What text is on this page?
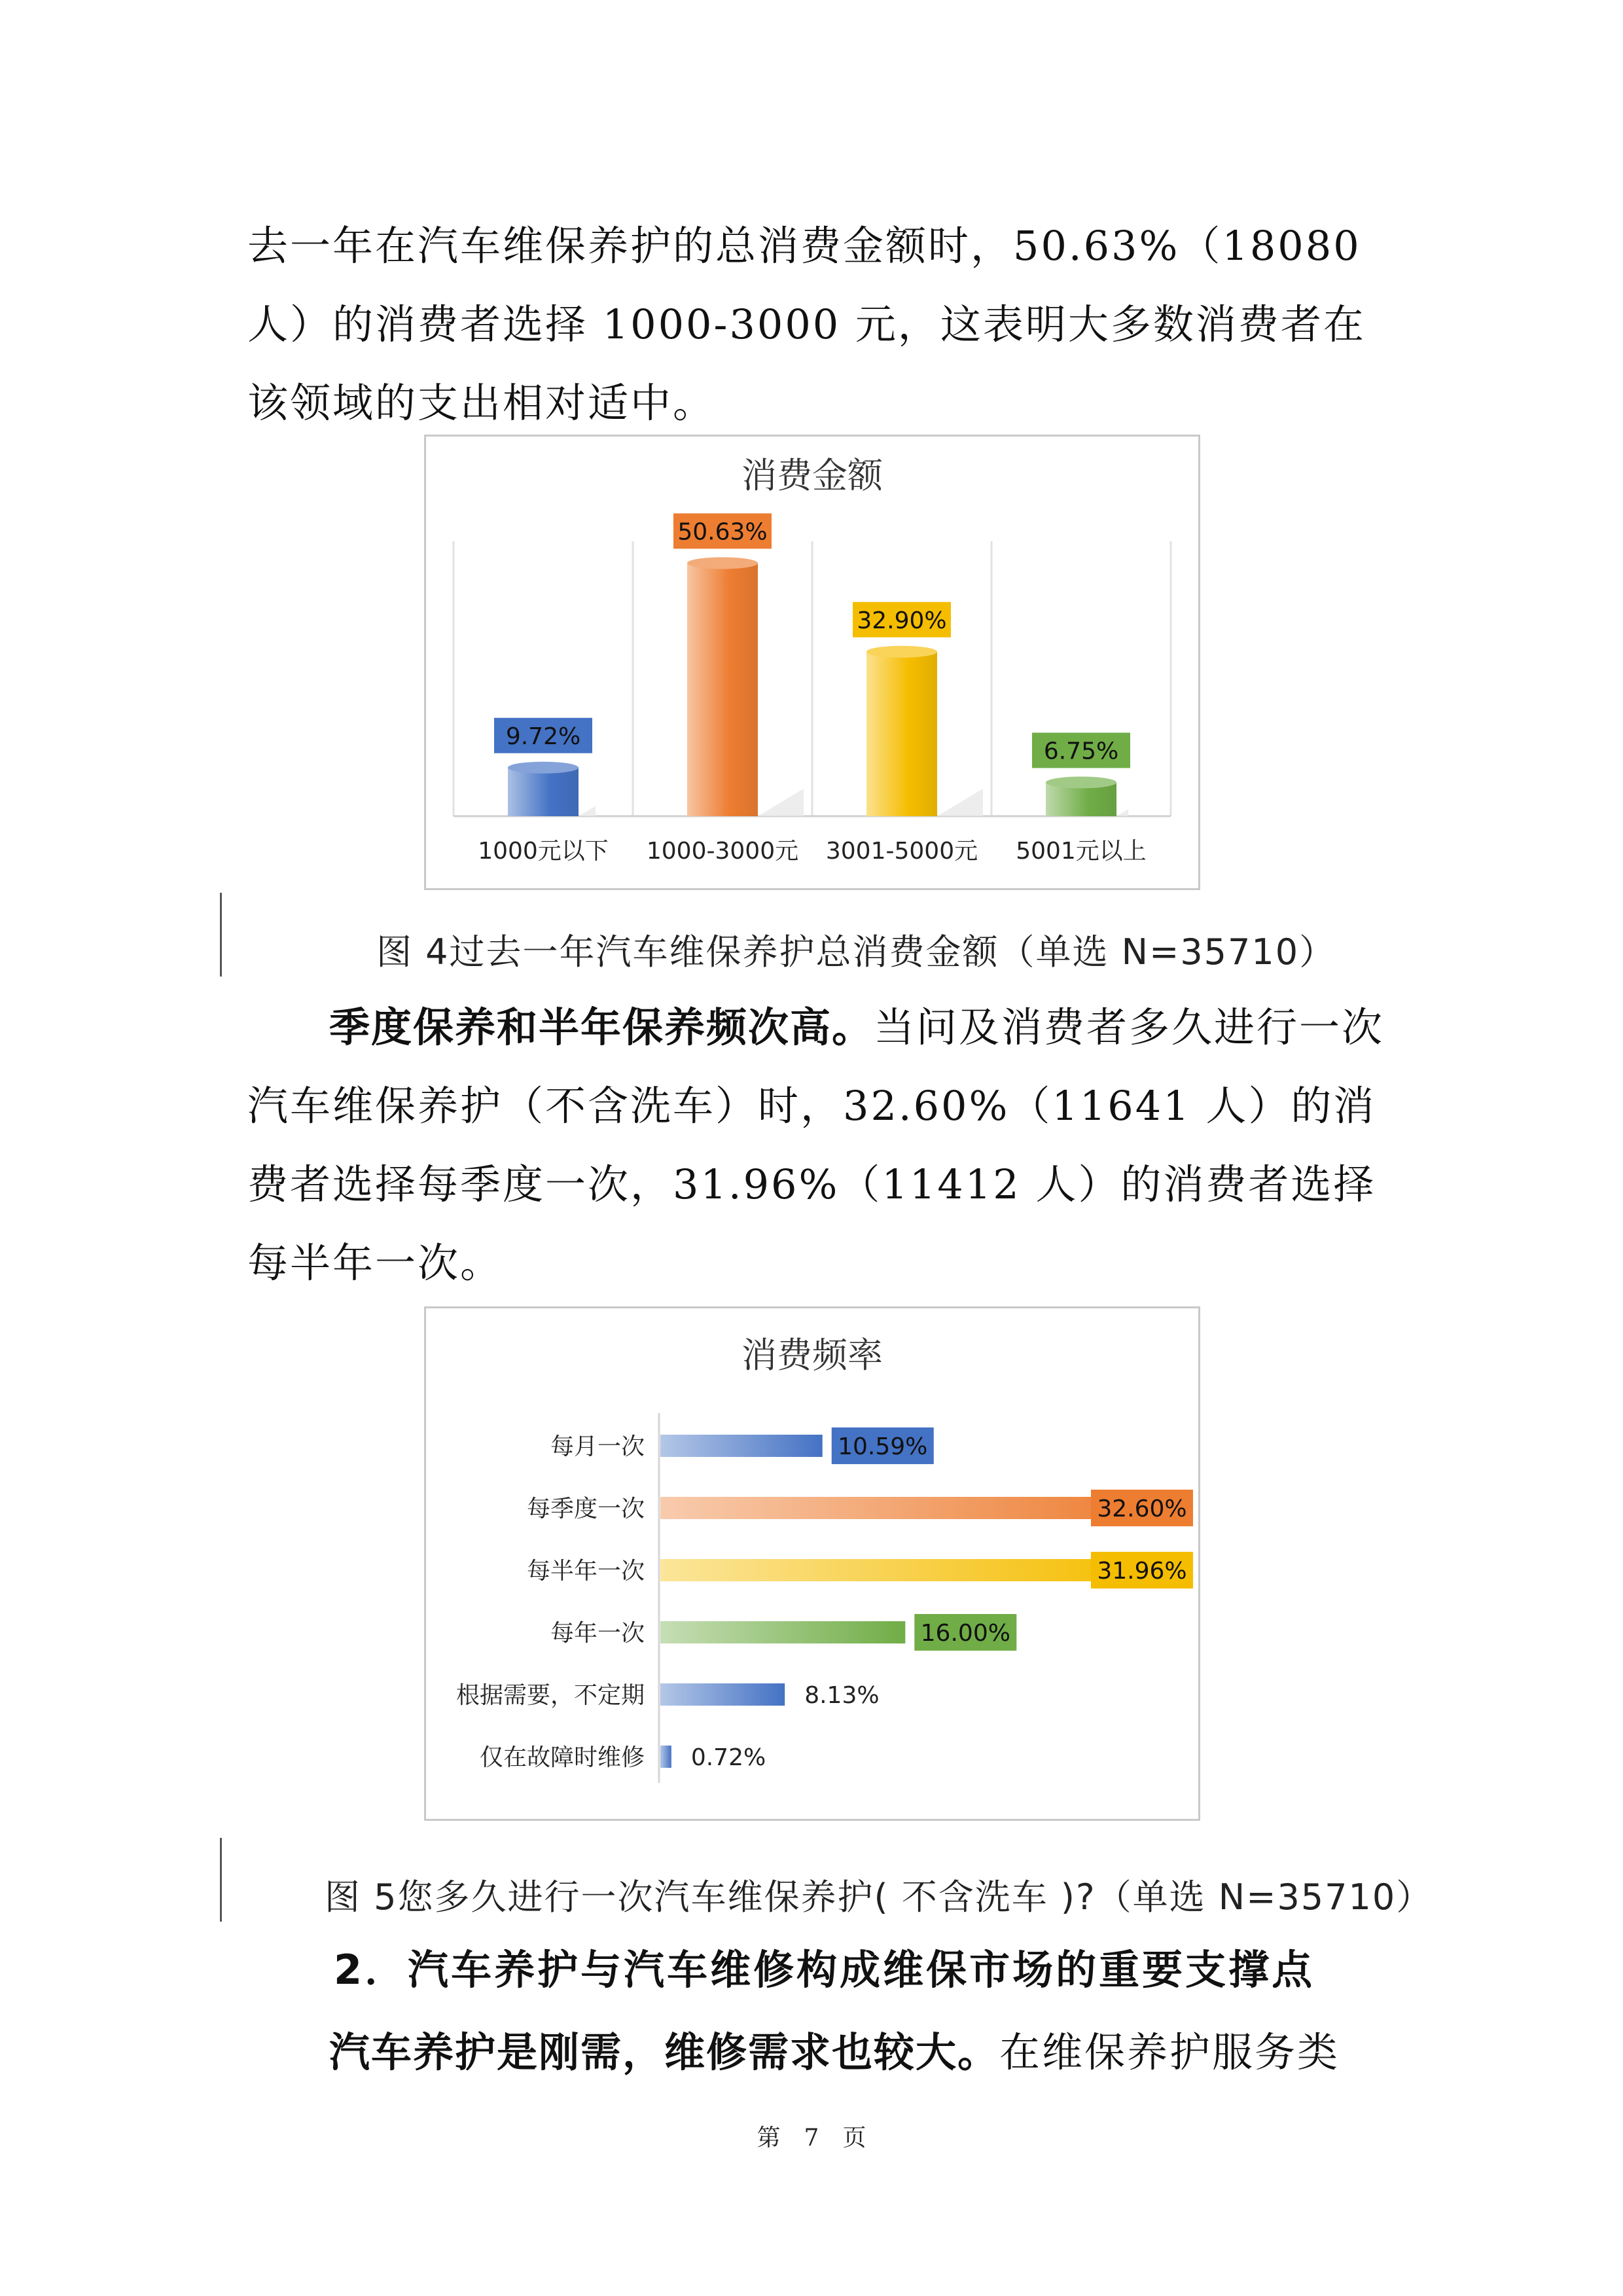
去一年在汽车维保养护的总消费金额时，50.63%（18080 人）的消费者选择 1000-3000 元，这表明大多数消费者在该领域的支出相对适中。
消费金额
9.72%
1000元以下
50.63%
1000-3000元
32.90%
3001-5000元
6.75%
5001元以上
图 4过去一年汽车维保养护总消费金额（单选 N=35710）
季度保养和半年保养频次高。当问及消费者多久进行一次汽车维保养护（不含洗车）时，32.60%（11641 人）的消费者选择每季度一次，31.96%（11412 人）的消费者选择每半年一次。
消费频率
每月一次	10.59%
每季度一次	32.60%
每半年一次	31.96%
每年一次	16.00%
根据需要，不定期	8.13%
仅在故障时维修 0.72%
图 5您多久进行一次汽车维保养护( 不含洗车 )?（单选 N=35710）
2．汽车养护与汽车维修构成维保市场的重要支撑点
汽车养护是刚需，维修需求也较大。在维保养护服务类
第 7 页
